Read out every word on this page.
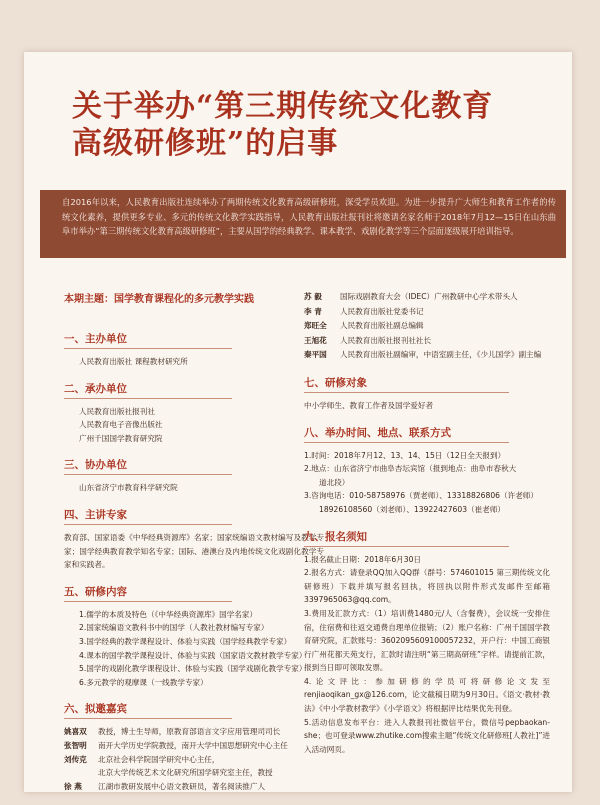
关于举办“第三期传统文化教育
高级研修班”的启事
自2016年以来，人民教育出版社连续举办了两期传统文化教育高级研修班，深受学员欢迎。为进一步提升广大师生和教育工作者的传统文化素养，提供更多专业、多元的传统文化教学实践指导，人民教育出版社报刊社将邀请名家名师于2018年7月12—15日在山东曲阜市举办“第三期传统文化教育高级研修班”，主要从国学的经典教学、课本教学、戏剧化教学等三个层面逐级展开培训指导。
本期主题：国学教育课程化的多元教学实践
一、主办单位
人民教育出版社 课程教材研究所
二、承办单位
人民教育出版社报刊社
人民教育电子音像出版社
广州千国国学教育研究院
三、协办单位
山东省济宁市教育科学研究院
四、主讲专家
教育部、国家语委《中华经典资源库》名家；国家统编语文教材编写及教学专家；国学经典教育教学知名专家；国际、港澳台及内地传统文化戏剧化教学专家和实践者。
五、研修内容
1.儒学的本质及特色（《中华经典资源库》国学名家）
2.国家统编语文教科书中的国学（人教社教材编写专家）
3.国学经典的教学课程设计、体验与实践（国学经典教学专家）
4.课本的国学教学课程设计、体验与实践（国家语文教材教学专家）
5.国学的戏剧化教学课程设计、体验与实践（国学戏剧化教学专家）
6.多元教学的观摩课（一线教学专家）
六、拟邀嘉宾
姚喜双	教授，博士生导师，原教育部语言文字应用管理司司长
张智明	南开大学历史学院教授，南开大学中国思想研究中心主任
刘传克	北京社会科学院国学研究中心主任，
北京大学传统艺术文化研究所国学研究室主任，教授
徐 燕	江湖市教研发展中心语文教研员，著名阅读推广人
苏 毅	国际戏剧教育大会（IDEC）广州教研中心学术带头人
李 青	人民教育出版社党委书记
郑旺全	人民教育出版社副总编辑
王旭花	人民教育出版社报刊社社长
秦平国	人民教育出版社副编审，中语室副主任，《少儿国学》副主编
七、研修对象
中小学师生、教育工作者及国学爱好者
八、举办时间、地点、联系方式
1.时间：2018年7月12、13、14、15日（12日全天报到）
2.地点：山东省济宁市曲阜杏坛宾馆（报到地点：曲阜市春秋大
道北段）
3.咨询电话：010-58758976（贾老师）、13318826806（许老师）
18926108560（刘老师）、13922427603（崔老师）
九、报名须知
1.报名截止日期：2018年6月30日
2.报名方式：请登录QQ加入QQ群（群号：574601015 第三期传统文化研修班）下载并填写报名回执，将回执以附件形式发邮件至邮箱3397965063@qq.com。
3.费用及汇款方式：（1）培训费1480元/人（含餐费），会议统一安排住宿，住宿费和往返交通费自理单位报销；（2）账户名称：广州千国国学教育研究院，汇款账号：3602095609100057232，开户行：中国工商银行广州花都天苑支行，汇款时请注明“第三期高研班”字样。请提前汇款，报到当日即可领取发票。
4.论文评比：参加研修的学员可将研修论文发至renjiaoqikan_gx@126.com，论文截稿日期为9月30日。《语文·教材·教法》《中小学教材教学》《小学语文》将根据评比结果优先刊登。
5.活动信息发布平台：进入人教报刊社微信平台，微信号pepbaokan-she；也可登录www.zhutike.com搜索主题“传统文化研修班[人教社]”进入活动网页。
